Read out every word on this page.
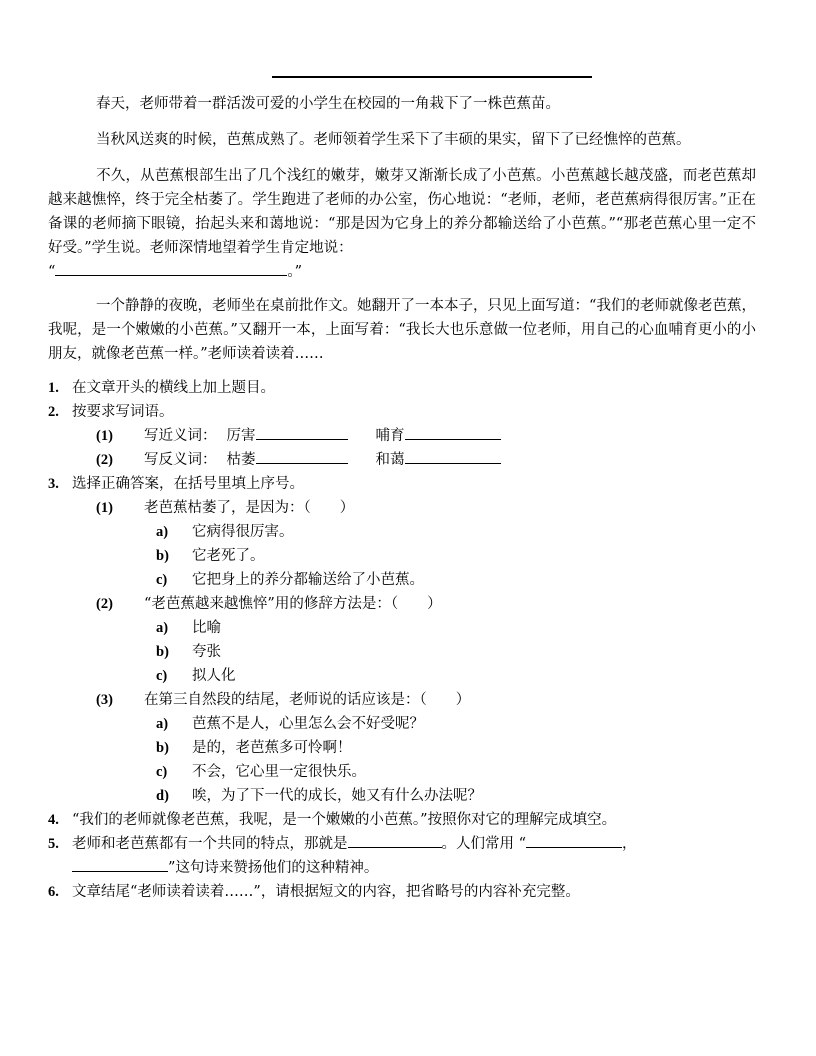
春天，老师带着一群活泼可爱的小学生在校园的一角栽下了一株芭蕉苗。

当秋风送爽的时候，芭蕉成熟了。老师领着学生采下了丰硕的果实，留下了已经憔悴的芭蕉。

不久，从芭蕉根部生出了几个浅红的嫩芽，嫩芽又渐渐长成了小芭蕉。小芭蕉越长越茂盛，而老芭蕉却越来越憔悴，终于完全枯萎了。学生跑进了老师的办公室，伤心地说：“老师，老师，老芭蕉病得很厉害。”正在备课的老师摘下眼镜，抬起头来和蔼地说：“那是因为它身上的养分都输送给了小芭蕉。”“那老芭蕉心里一定不好受。”学生说。老师深情地望着学生肯定地说：
“	。”

一个静静的夜晚，老师坐在桌前批作文。她翻开了一本本子，只见上面写道：“我们的老师就像老芭蕉，我呢，是一个嫩嫩的小芭蕉。”又翻开一本，上面写着：“我长大也乐意做一位老师，用自己的心血哺育更小的小朋友，就像老芭蕉一样。”老师读着读着……

1. 在文章开头的横线上加上题目。
2. 按要求写词语。
(1) 写近义词： 厉害	哺育
(2) 写反义词： 枯萎	和蔼
3. 选择正确答案，在括号里填上序号。
(1) 老芭蕉枯萎了，是因为：（　　）
a) 它病得很厉害。
b) 它老死了。
c) 它把身上的养分都输送给了小芭蕉。
(2) “老芭蕉越来越憔悴”用的修辞方法是：（　　）
a) 比喻
b) 夸张
c) 拟人化
(3) 在第三自然段的结尾，老师说的话应该是：（　　）
a) 芭蕉不是人，心里怎么会不好受呢？
b) 是的，老芭蕉多可怜啊！
c) 不会，它心里一定很快乐。
d) 唉，为了下一代的成长，她又有什么办法呢？
4. “我们的老师就像老芭蕉，我呢，是一个嫩嫩的小芭蕉。”按照你对它的理解完成填空。
5. 老师和老芭蕉都有一个共同的特点，那就是	。人们常用 “	，
”这句诗来赞扬他们的这种精神。
6. 文章结尾“老师读着读着……”，请根据短文的内容，把省略号的内容补充完整。
